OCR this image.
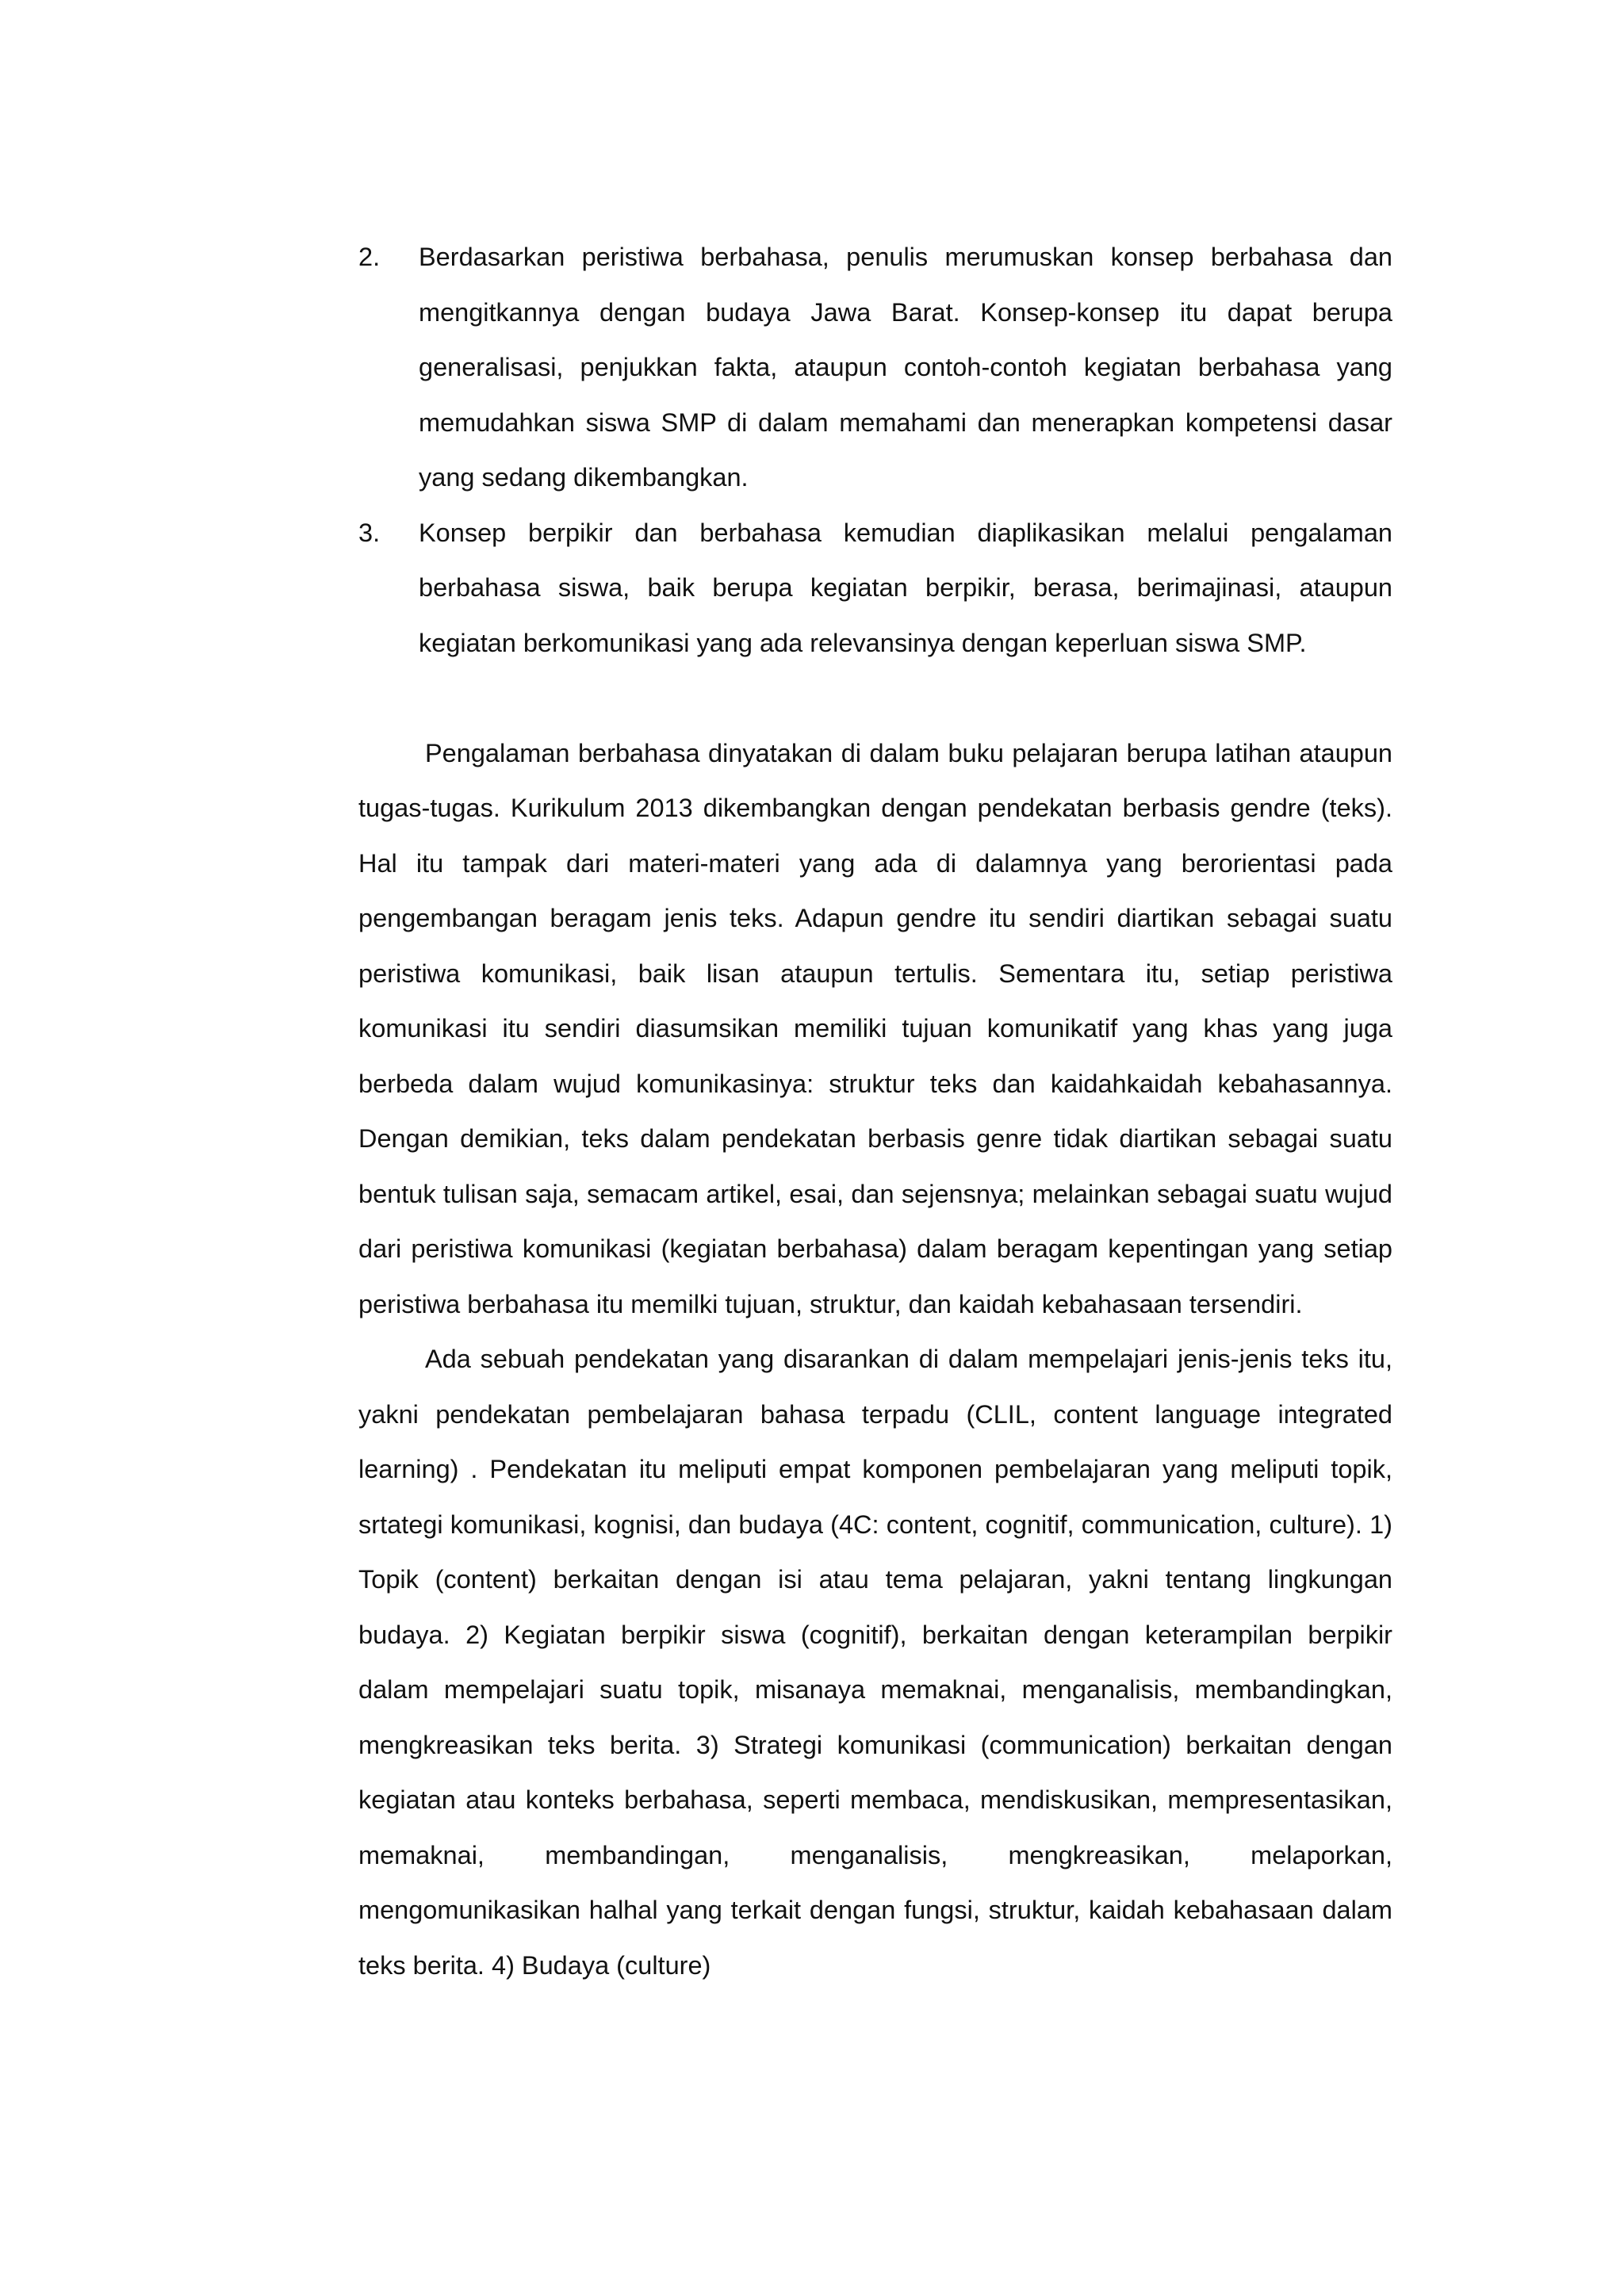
2.	Berdasarkan peristiwa berbahasa, penulis merumuskan konsep berbahasa dan mengitkannya dengan budaya Jawa Barat. Konsep-konsep itu dapat berupa generalisasi, penjukkan fakta, ataupun contoh-contoh kegiatan berbahasa yang memudahkan siswa SMP di dalam memahami dan menerapkan kompetensi dasar yang sedang dikembangkan.
3.	Konsep berpikir dan berbahasa kemudian diaplikasikan melalui pengalaman berbahasa siswa, baik berupa kegiatan berpikir, berasa, berimajinasi, ataupun kegiatan berkomunikasi yang ada relevansinya dengan keperluan siswa SMP.

Pengalaman berbahasa dinyatakan di dalam buku pelajaran berupa latihan ataupun tugas-tugas. Kurikulum 2013 dikembangkan dengan pendekatan berbasis gendre (teks). Hal itu tampak dari materi-materi yang ada di dalamnya yang berorientasi pada pengembangan beragam jenis teks. Adapun gendre itu sendiri diartikan sebagai suatu peristiwa komunikasi, baik lisan ataupun tertulis. Sementara itu, setiap peristiwa komunikasi itu sendiri diasumsikan memiliki tujuan komunikatif yang khas yang juga berbeda dalam wujud komunikasinya: struktur teks dan kaidahkaidah kebahasannya. Dengan demikian, teks dalam pendekatan berbasis genre tidak diartikan sebagai suatu bentuk tulisan saja, semacam artikel, esai, dan sejensnya; melainkan sebagai suatu wujud dari peristiwa komunikasi (kegiatan berbahasa) dalam beragam kepentingan yang setiap peristiwa berbahasa itu memilki tujuan, struktur, dan kaidah kebahasaan tersendiri.

Ada sebuah pendekatan yang disarankan di dalam mempelajari jenis-jenis teks itu, yakni pendekatan pembelajaran bahasa terpadu (CLIL, content language integrated learning) . Pendekatan itu meliputi empat komponen pembelajaran yang meliputi topik, srtategi komunikasi, kognisi, dan budaya (4C: content, cognitif, communication, culture). 1) Topik (content) berkaitan dengan isi atau tema pelajaran, yakni tentang lingkungan budaya. 2) Kegiatan berpikir siswa (cognitif), berkaitan dengan keterampilan berpikir dalam mempelajari suatu topik, misanaya memaknai, menganalisis, membandingkan, mengkreasikan teks berita. 3) Strategi komunikasi (communication) berkaitan dengan kegiatan atau konteks berbahasa, seperti membaca, mendiskusikan, mempresentasikan, memaknai, membandingan, menganalisis, mengkreasikan, melaporkan, mengomunikasikan halhal yang terkait dengan fungsi, struktur, kaidah kebahasaan dalam teks berita. 4) Budaya (culture)
